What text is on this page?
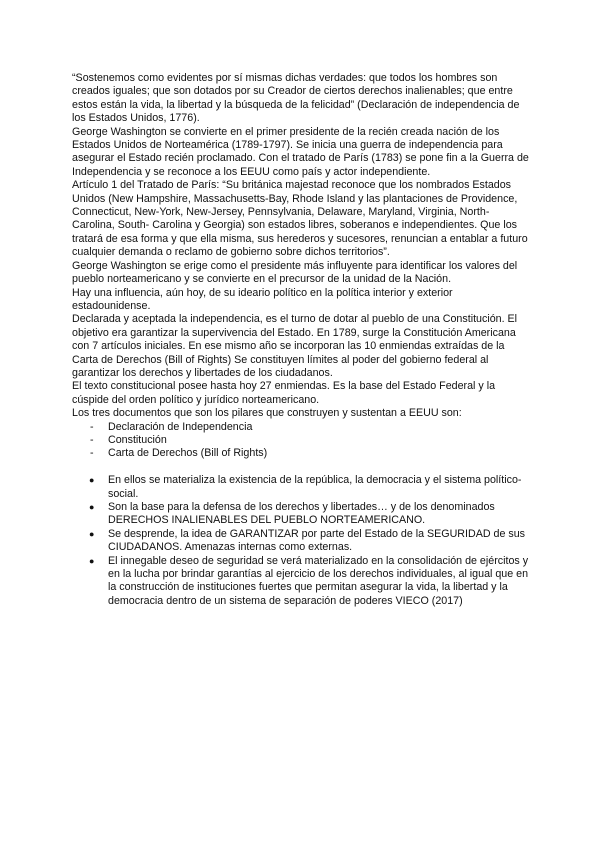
“Sostenemos como evidentes por sí mismas dichas verdades: que todos los hombres son creados iguales; que son dotados por su Creador de ciertos derechos inalienables; que entre estos están la vida, la libertad y la búsqueda de la felicidad” (Declaración de independencia de los Estados Unidos, 1776).

George Washington se convierte en el primer presidente de la recién creada nación de los Estados Unidos de Norteamérica (1789-1797). Se inicia una guerra de independencia para asegurar el Estado recién proclamado. Con el tratado de París (1783) se pone fin a la Guerra de Independencia y se reconoce a los EEUU como país y actor independiente.

Artículo 1 del Tratado de París: “Su británica majestad reconoce que los nombrados Estados Unidos (New Hampshire, Massachusetts-Bay, Rhode Island y las plantaciones de Providence, Connecticut, New-York, New-Jersey, Pennsylvania, Delaware, Maryland, Virginia, North-Carolina, South- Carolina y Georgia) son estados libres, soberanos e independientes. Que los tratará de esa forma y que ella misma, sus herederos y sucesores, renuncian a entablar a futuro cualquier demanda o reclamo de gobierno sobre dichos territorios”.

George Washington se erige como el presidente más influyente para identificar los valores del pueblo norteamericano y se convierte en el precursor de la unidad de la Nación.

Hay una influencia, aún hoy, de su ideario político en la política interior y exterior estadounidense.

Declarada y aceptada la independencia, es el turno de dotar al pueblo de una Constitución. El objetivo era garantizar la supervivencia del Estado. En 1789, surge la Constitución Americana con 7 artículos iniciales. En ese mismo año se incorporan las 10 enmiendas extraídas de la Carta de Derechos (Bill of Rights) Se constituyen límites al poder del gobierno federal al garantizar los derechos y libertades de los ciudadanos.

El texto constitucional posee hasta hoy 27 enmiendas. Es la base del Estado Federal y la cúspide del orden político y jurídico norteamericano.

Los tres documentos que son los pilares que construyen y sustentan a EEUU son:

- Declaración de Independencia
- Constitución
- Carta de Derechos (Bill of Rights)
● En ellos se materializa la existencia de la república, la democracia y el sistema político-social.
● Son la base para la defensa de los derechos y libertades… y de los denominados DERECHOS INALIENABLES DEL PUEBLO NORTEAMERICANO.
● Se desprende, la idea de GARANTIZAR por parte del Estado de la SEGURIDAD de sus CIUDADANOS. Amenazas internas como externas.
● El innegable deseo de seguridad se verá materializado en la consolidación de ejércitos y en la lucha por brindar garantías al ejercicio de los derechos individuales, al igual que en la construcción de instituciones fuertes que permitan asegurar la vida, la libertad y la democracia dentro de un sistema de separación de poderes VIECO (2017)
